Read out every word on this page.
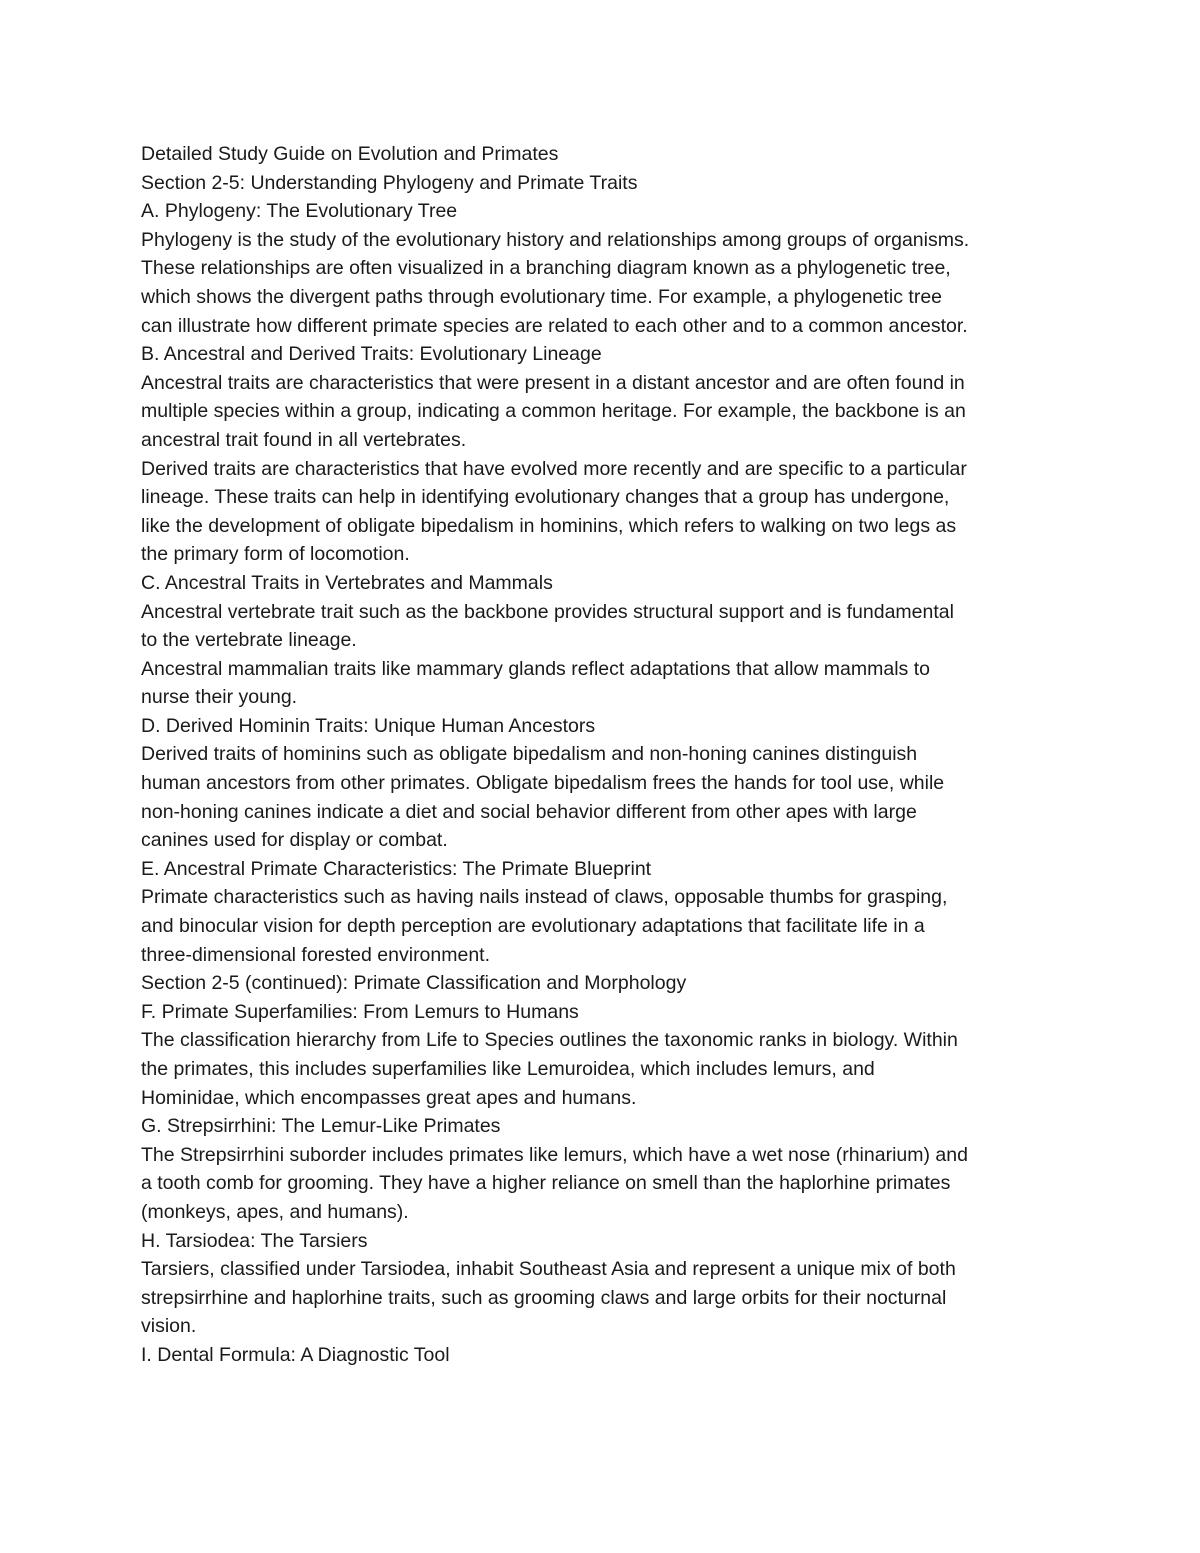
Detailed Study Guide on Evolution and Primates

Section 2-5: Understanding Phylogeny and Primate Traits

A. Phylogeny: The Evolutionary Tree

Phylogeny is the study of the evolutionary history and relationships among groups of organisms.

These relationships are often visualized in a branching diagram known as a phylogenetic tree,

which shows the divergent paths through evolutionary time. For example, a phylogenetic tree

can illustrate how different primate species are related to each other and to a common ancestor.

B. Ancestral and Derived Traits: Evolutionary Lineage

Ancestral traits are characteristics that were present in a distant ancestor and are often found in

multiple species within a group, indicating a common heritage. For example, the backbone is an

ancestral trait found in all vertebrates.

Derived traits are characteristics that have evolved more recently and are specific to a particular

lineage. These traits can help in identifying evolutionary changes that a group has undergone,

like the development of obligate bipedalism in hominins, which refers to walking on two legs as

the primary form of locomotion.

C. Ancestral Traits in Vertebrates and Mammals

Ancestral vertebrate trait such as the backbone provides structural support and is fundamental

to the vertebrate lineage.

Ancestral mammalian traits like mammary glands reflect adaptations that allow mammals to

nurse their young.

D. Derived Hominin Traits: Unique Human Ancestors

Derived traits of hominins such as obligate bipedalism and non-honing canines distinguish

human ancestors from other primates. Obligate bipedalism frees the hands for tool use, while

non-honing canines indicate a diet and social behavior different from other apes with large

canines used for display or combat.

E. Ancestral Primate Characteristics: The Primate Blueprint

Primate characteristics such as having nails instead of claws, opposable thumbs for grasping,

and binocular vision for depth perception are evolutionary adaptations that facilitate life in a

three-dimensional forested environment.

Section 2-5 (continued): Primate Classification and Morphology

F. Primate Superfamilies: From Lemurs to Humans

The classification hierarchy from Life to Species outlines the taxonomic ranks in biology. Within

the primates, this includes superfamilies like Lemuroidea, which includes lemurs, and

Hominidae, which encompasses great apes and humans.

G. Strepsirrhini: The Lemur-Like Primates

The Strepsirrhini suborder includes primates like lemurs, which have a wet nose (rhinarium) and

a tooth comb for grooming. They have a higher reliance on smell than the haplorhine primates

(monkeys, apes, and humans).

H. Tarsiodea: The Tarsiers

Tarsiers, classified under Tarsiodea, inhabit Southeast Asia and represent a unique mix of both

strepsirrhine and haplorhine traits, such as grooming claws and large orbits for their nocturnal

vision.

I. Dental Formula: A Diagnostic Tool
